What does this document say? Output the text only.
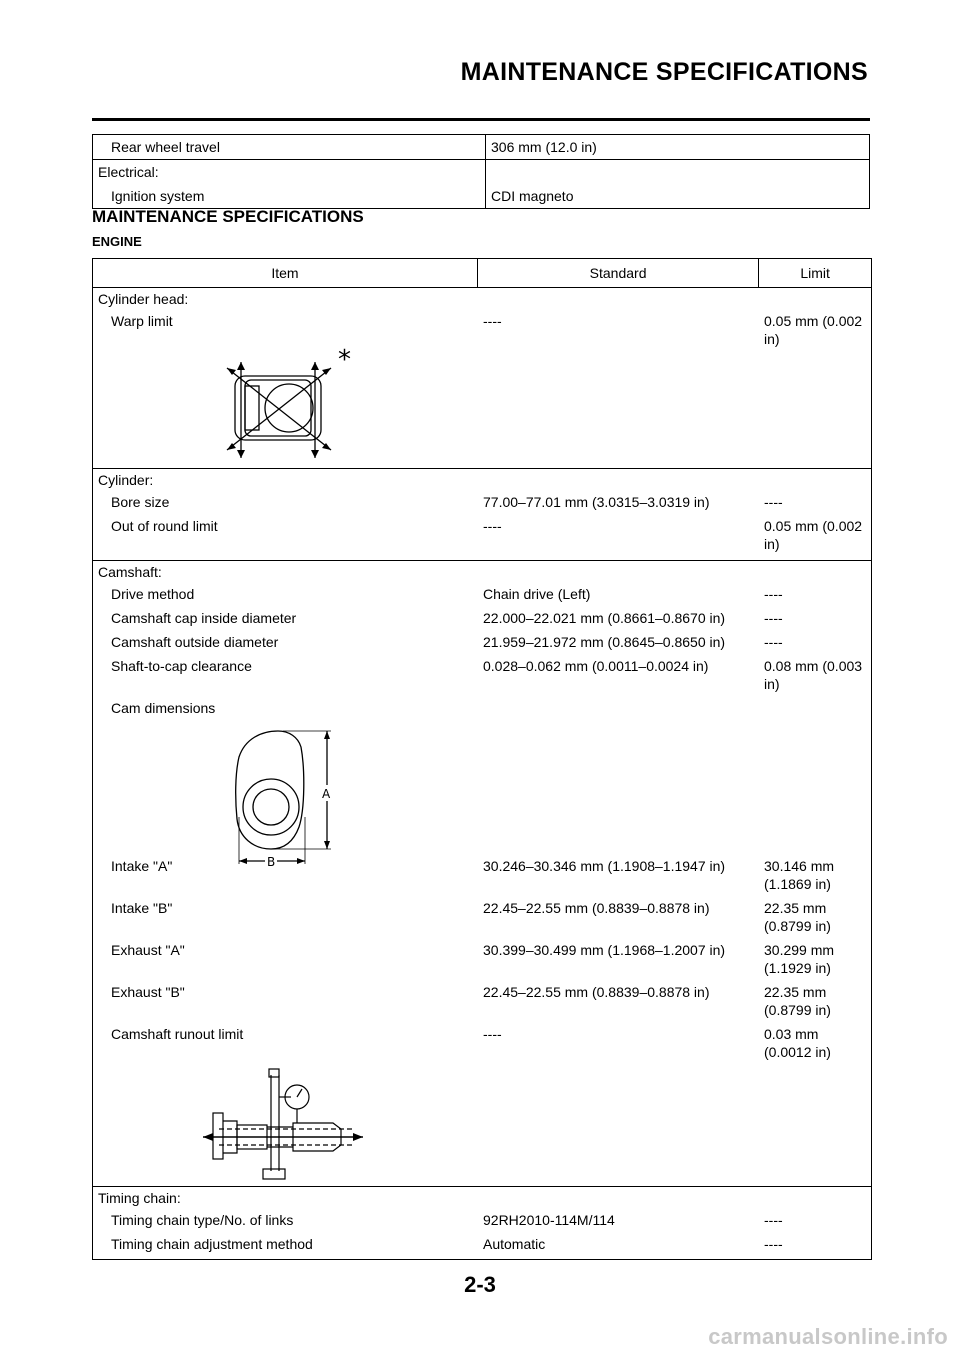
MAINTENANCE SPECIFICATIONS
Rear wheel travel	306 mm (12.0 in)

Electrical:
Ignition system	CDI magneto
MAINTENANCE SPECIFICATIONS
ENGINE
Item	Standard	Limit

Cylinder head:
Warp limit	----	0.05 mm (0.002
in)
*

Cylinder:
Bore size	77.00–77.01 mm (3.0315–3.0319 in)	----
Out of round limit	----	0.05 mm (0.002
in)

Camshaft:
Drive method	Chain drive (Left)	----
Camshaft cap inside diameter	22.000–22.021 mm (0.8661–0.8670 in)	----
Camshaft outside diameter	21.959–21.972 mm (0.8645–0.8650 in)	----
Shaft-to-cap clearance	0.028–0.062 mm (0.0011–0.0024 in)	0.08 mm (0.003
in)
Cam dimensions
A
B
Intake "A"	30.246–30.346 mm (1.1908–1.1947 in)	30.146 mm
(1.1869 in)
Intake "B"	22.45–22.55 mm (0.8839–0.8878 in)	22.35 mm
(0.8799 in)
Exhaust "A"	30.399–30.499 mm (1.1968–1.2007 in)	30.299 mm
(1.1929 in)
Exhaust "B"	22.45–22.55 mm (0.8839–0.8878 in)	22.35 mm
(0.8799 in)
Camshaft runout limit	----	0.03 mm
(0.0012 in)

Timing chain:
Timing chain type/No. of links	92RH2010-114M/114	----
Timing chain adjustment method	Automatic	----
2-3
carmanualsonline.info
